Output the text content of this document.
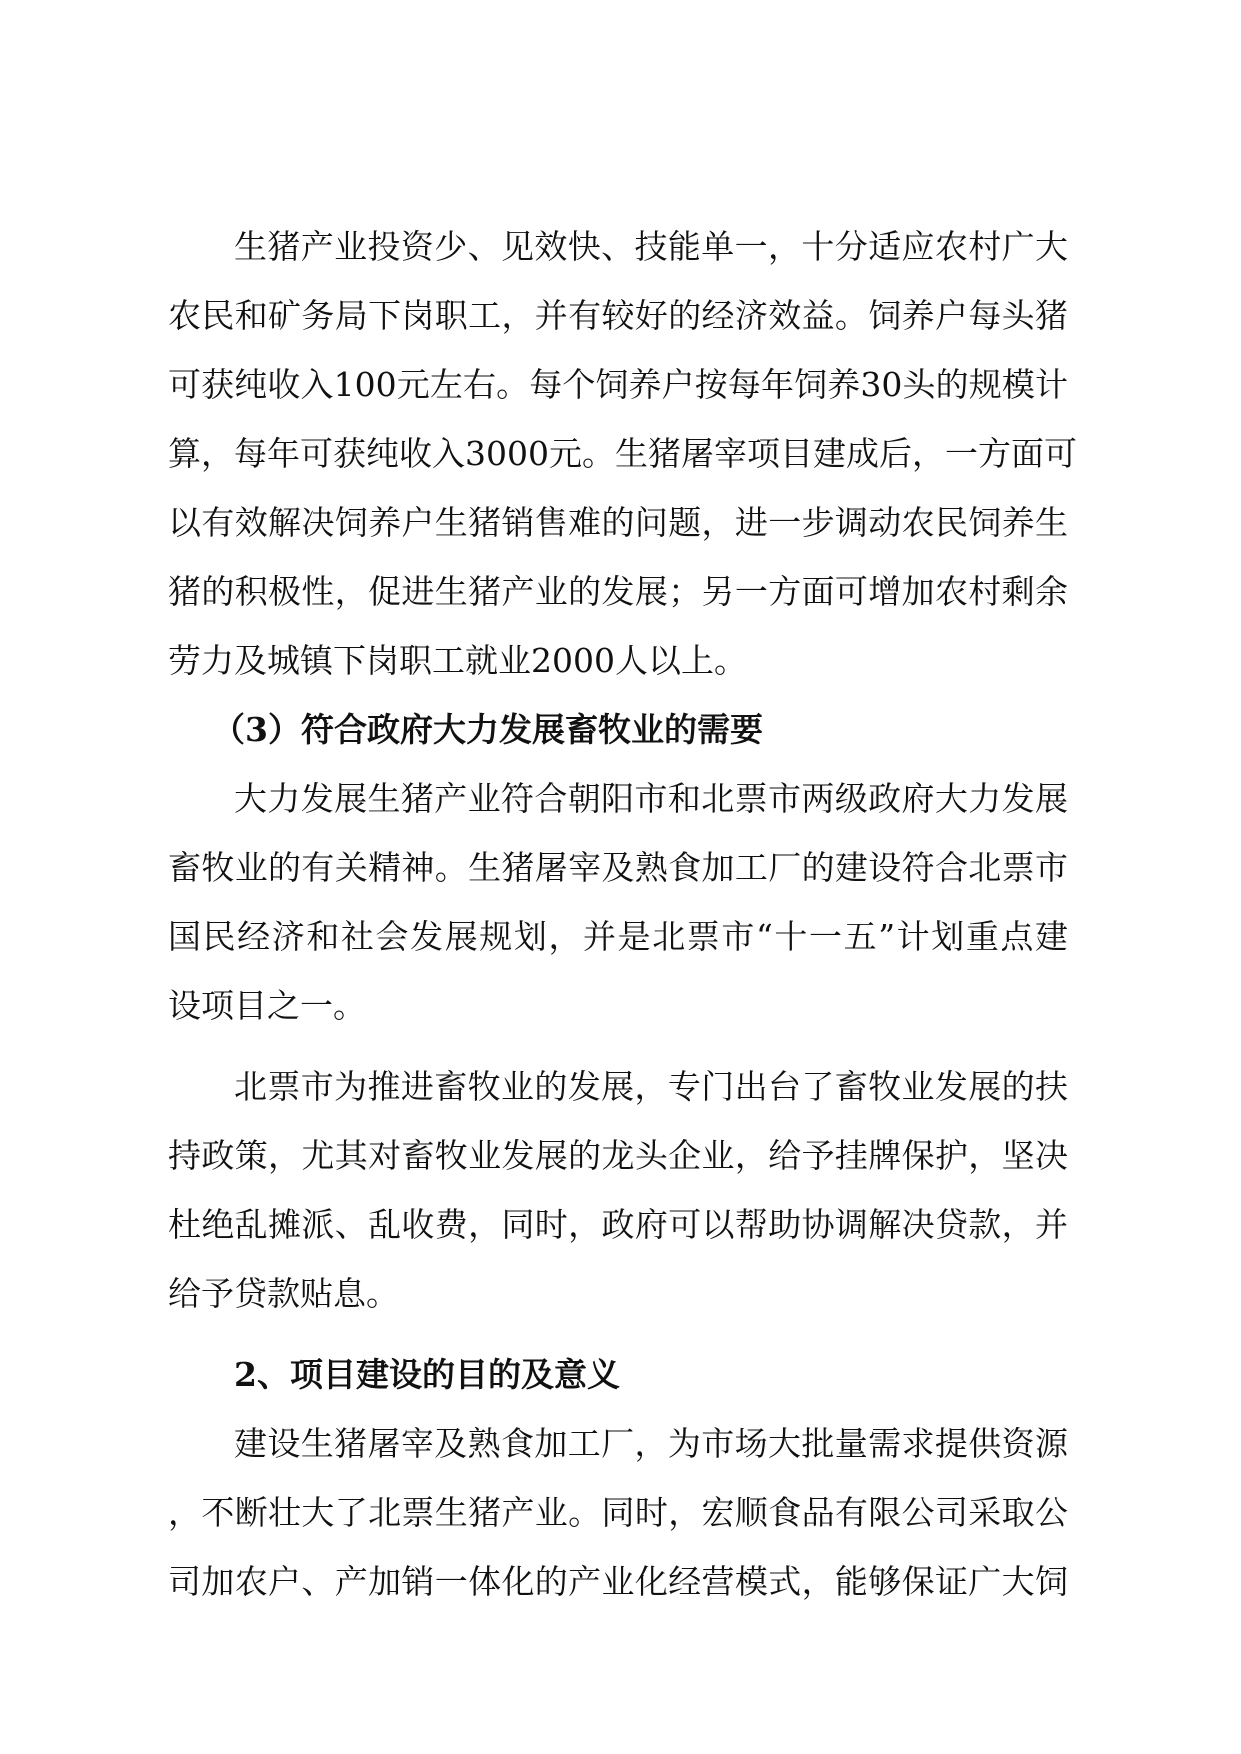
生猪产业投资少、见效快、技能单一，十分适应农村广大
农民和矿务局下岗职工，并有较好的经济效益。饲养户每头猪
可获纯收入100元左右。每个饲养户按每年饲养30头的规模计
算，每年可获纯收入3000元。生猪屠宰项目建成后，一方面可
以有效解决饲养户生猪销售难的问题，进一步调动农民饲养生
猪的积极性，促进生猪产业的发展；另一方面可增加农村剩余
劳力及城镇下岗职工就业2000人以上。
（3）符合政府大力发展畜牧业的需要
大力发展生猪产业符合朝阳市和北票市两级政府大力发展
畜牧业的有关精神。生猪屠宰及熟食加工厂的建设符合北票市
国民经济和社会发展规划，并是北票市“十一五”计划重点建
设项目之一。
北票市为推进畜牧业的发展，专门出台了畜牧业发展的扶
持政策，尤其对畜牧业发展的龙头企业，给予挂牌保护，坚决
杜绝乱摊派、乱收费，同时，政府可以帮助协调解决贷款，并
给予贷款贴息。
2、项目建设的目的及意义
建设生猪屠宰及熟食加工厂，为市场大批量需求提供资源
，不断壮大了北票生猪产业。同时，宏顺食品有限公司采取公
司加农户、产加销一体化的产业化经营模式，能够保证广大饲
